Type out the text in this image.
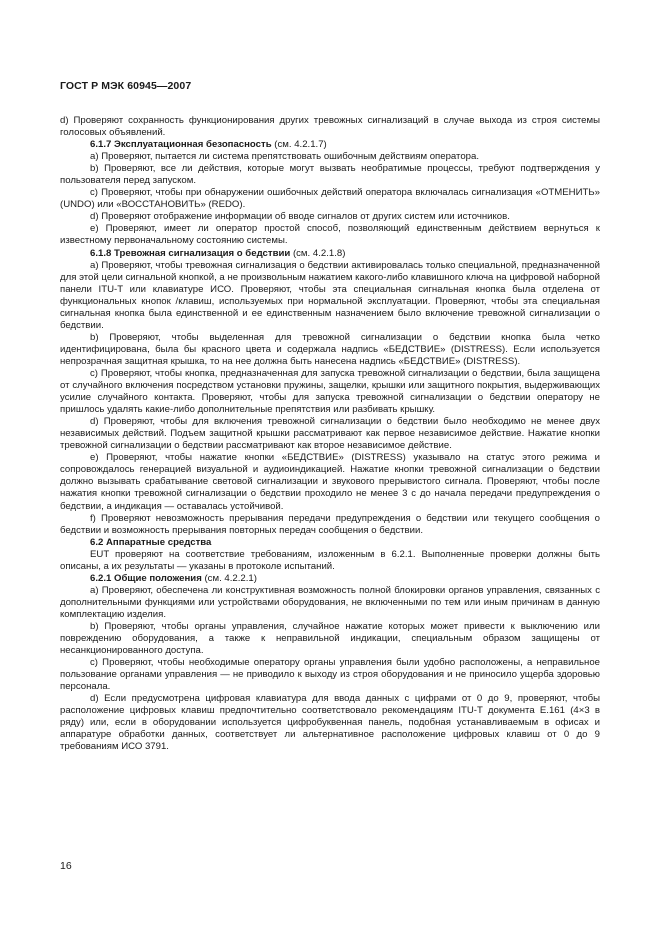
ГОСТ Р МЭК 60945—2007

d) Проверяют сохранность функционирования других тревожных сигнализаций в случае выхода из строя системы голосовых объявлений.

6.1.7 Эксплуатационная безопасность (см. 4.2.1.7)

a) Проверяют, пытается ли система препятствовать ошибочным действиям оператора.

b) Проверяют, все ли действия, которые могут вызвать необратимые процессы, требуют подтверждения у пользователя перед запуском.

c) Проверяют, чтобы при обнаружении ошибочных действий оператора включалась сигнализация «ОТМЕНИТЬ» (UNDO) или «ВОССТАНОВИТЬ» (REDO).

d) Проверяют отображение информации об вводе сигналов от других систем или источников.

e) Проверяют, имеет ли оператор простой способ, позволяющий единственным действием вернуться к известному первоначальному состоянию системы.

6.1.8 Тревожная сигнализация о бедствии (см. 4.2.1.8)

a) Проверяют, чтобы тревожная сигнализация о бедствии активировалась только специальной, предназначенной для этой цели сигнальной кнопкой, а не произвольным нажатием какого-либо клавишного ключа на цифровой наборной панели ITU-T или клавиатуре ИСО. Проверяют, чтобы эта специальная сигнальная кнопка была отделена от функциональных кнопок /клавиш, используемых при нормальной эксплуатации. Проверяют, чтобы эта специальная сигнальная кнопка была единственной и ее единственным назначением было включение тревожной сигнализации о бедствии.

b) Проверяют, чтобы выделенная для тревожной сигнализации о бедствии кнопка была четко идентифицирована, была бы красного цвета и содержала надпись «БЕДСТВИЕ» (DISTRESS). Если используется непрозрачная защитная крышка, то на нее должна быть нанесена надпись «БЕДСТВИЕ» (DISTRESS).

c) Проверяют, чтобы кнопка, предназначенная для запуска тревожной сигнализации о бедствии, была защищена от случайного включения посредством установки пружины, защелки, крышки или защитного покрытия, выдерживающих усилие случайного контакта. Проверяют, чтобы для запуска тревожной сигнализации о бедствии оператору не пришлось удалять какие-либо дополнительные препятствия или разбивать крышку.

d) Проверяют, чтобы для включения тревожной сигнализации о бедствии было необходимо не менее двух независимых действий. Подъем защитной крышки рассматривают как первое независимое действие. Нажатие кнопки тревожной сигнализации о бедствии рассматривают как второе независимое действие.

e) Проверяют, чтобы нажатие кнопки «БЕДСТВИЕ» (DISTRESS) указывало на статус этого режима и сопровождалось генерацией визуальной и аудиоиндикацией. Нажатие кнопки тревожной сигнализации о бедствии должно вызывать срабатывание световой сигнализации и звукового прерывистого сигнала. Проверяют, чтобы после нажатия кнопки тревожной сигнализации о бедствии проходило не менее 3 с до начала передачи предупреждения о бедствии, а индикация — оставалась устойчивой.

f) Проверяют невозможность прерывания передачи предупреждения о бедствии или текущего сообщения о бедствии и возможность прерывания повторных передач сообщения о бедствии.

6.2 Аппаратные средства

EUT проверяют на соответствие требованиям, изложенным в 6.2.1. Выполненные проверки должны быть описаны, а их результаты — указаны в протоколе испытаний.

6.2.1 Общие положения (см. 4.2.2.1)

a) Проверяют, обеспечена ли конструктивная возможность полной блокировки органов управления, связанных с дополнительными функциями или устройствами оборудования, не включенными по тем или иным причинам в данную комплектацию изделия.

b) Проверяют, чтобы органы управления, случайное нажатие которых может привести к выключению или повреждению оборудования, а также к неправильной индикации, специальным образом защищены от несанкционированного доступа.

c) Проверяют, чтобы необходимые оператору органы управления были удобно расположены, а неправильное пользование органами управления — не приводило к выходу из строя оборудования и не приносило ущерба здоровью персонала.

d) Если предусмотрена цифровая клавиатура для ввода данных с цифрами от 0 до 9, проверяют, чтобы расположение цифровых клавиш предпочтительно соответствовало рекомендациям ITU-T документа E.161 (4×3 в ряду) или, если в оборудовании используется цифробуквенная панель, подобная устанавливаемым в офисах и аппаратуре обработки данных, соответствует ли альтернативное расположение цифровых клавиш от 0 до 9 требованиям ИСО 3791.

16
